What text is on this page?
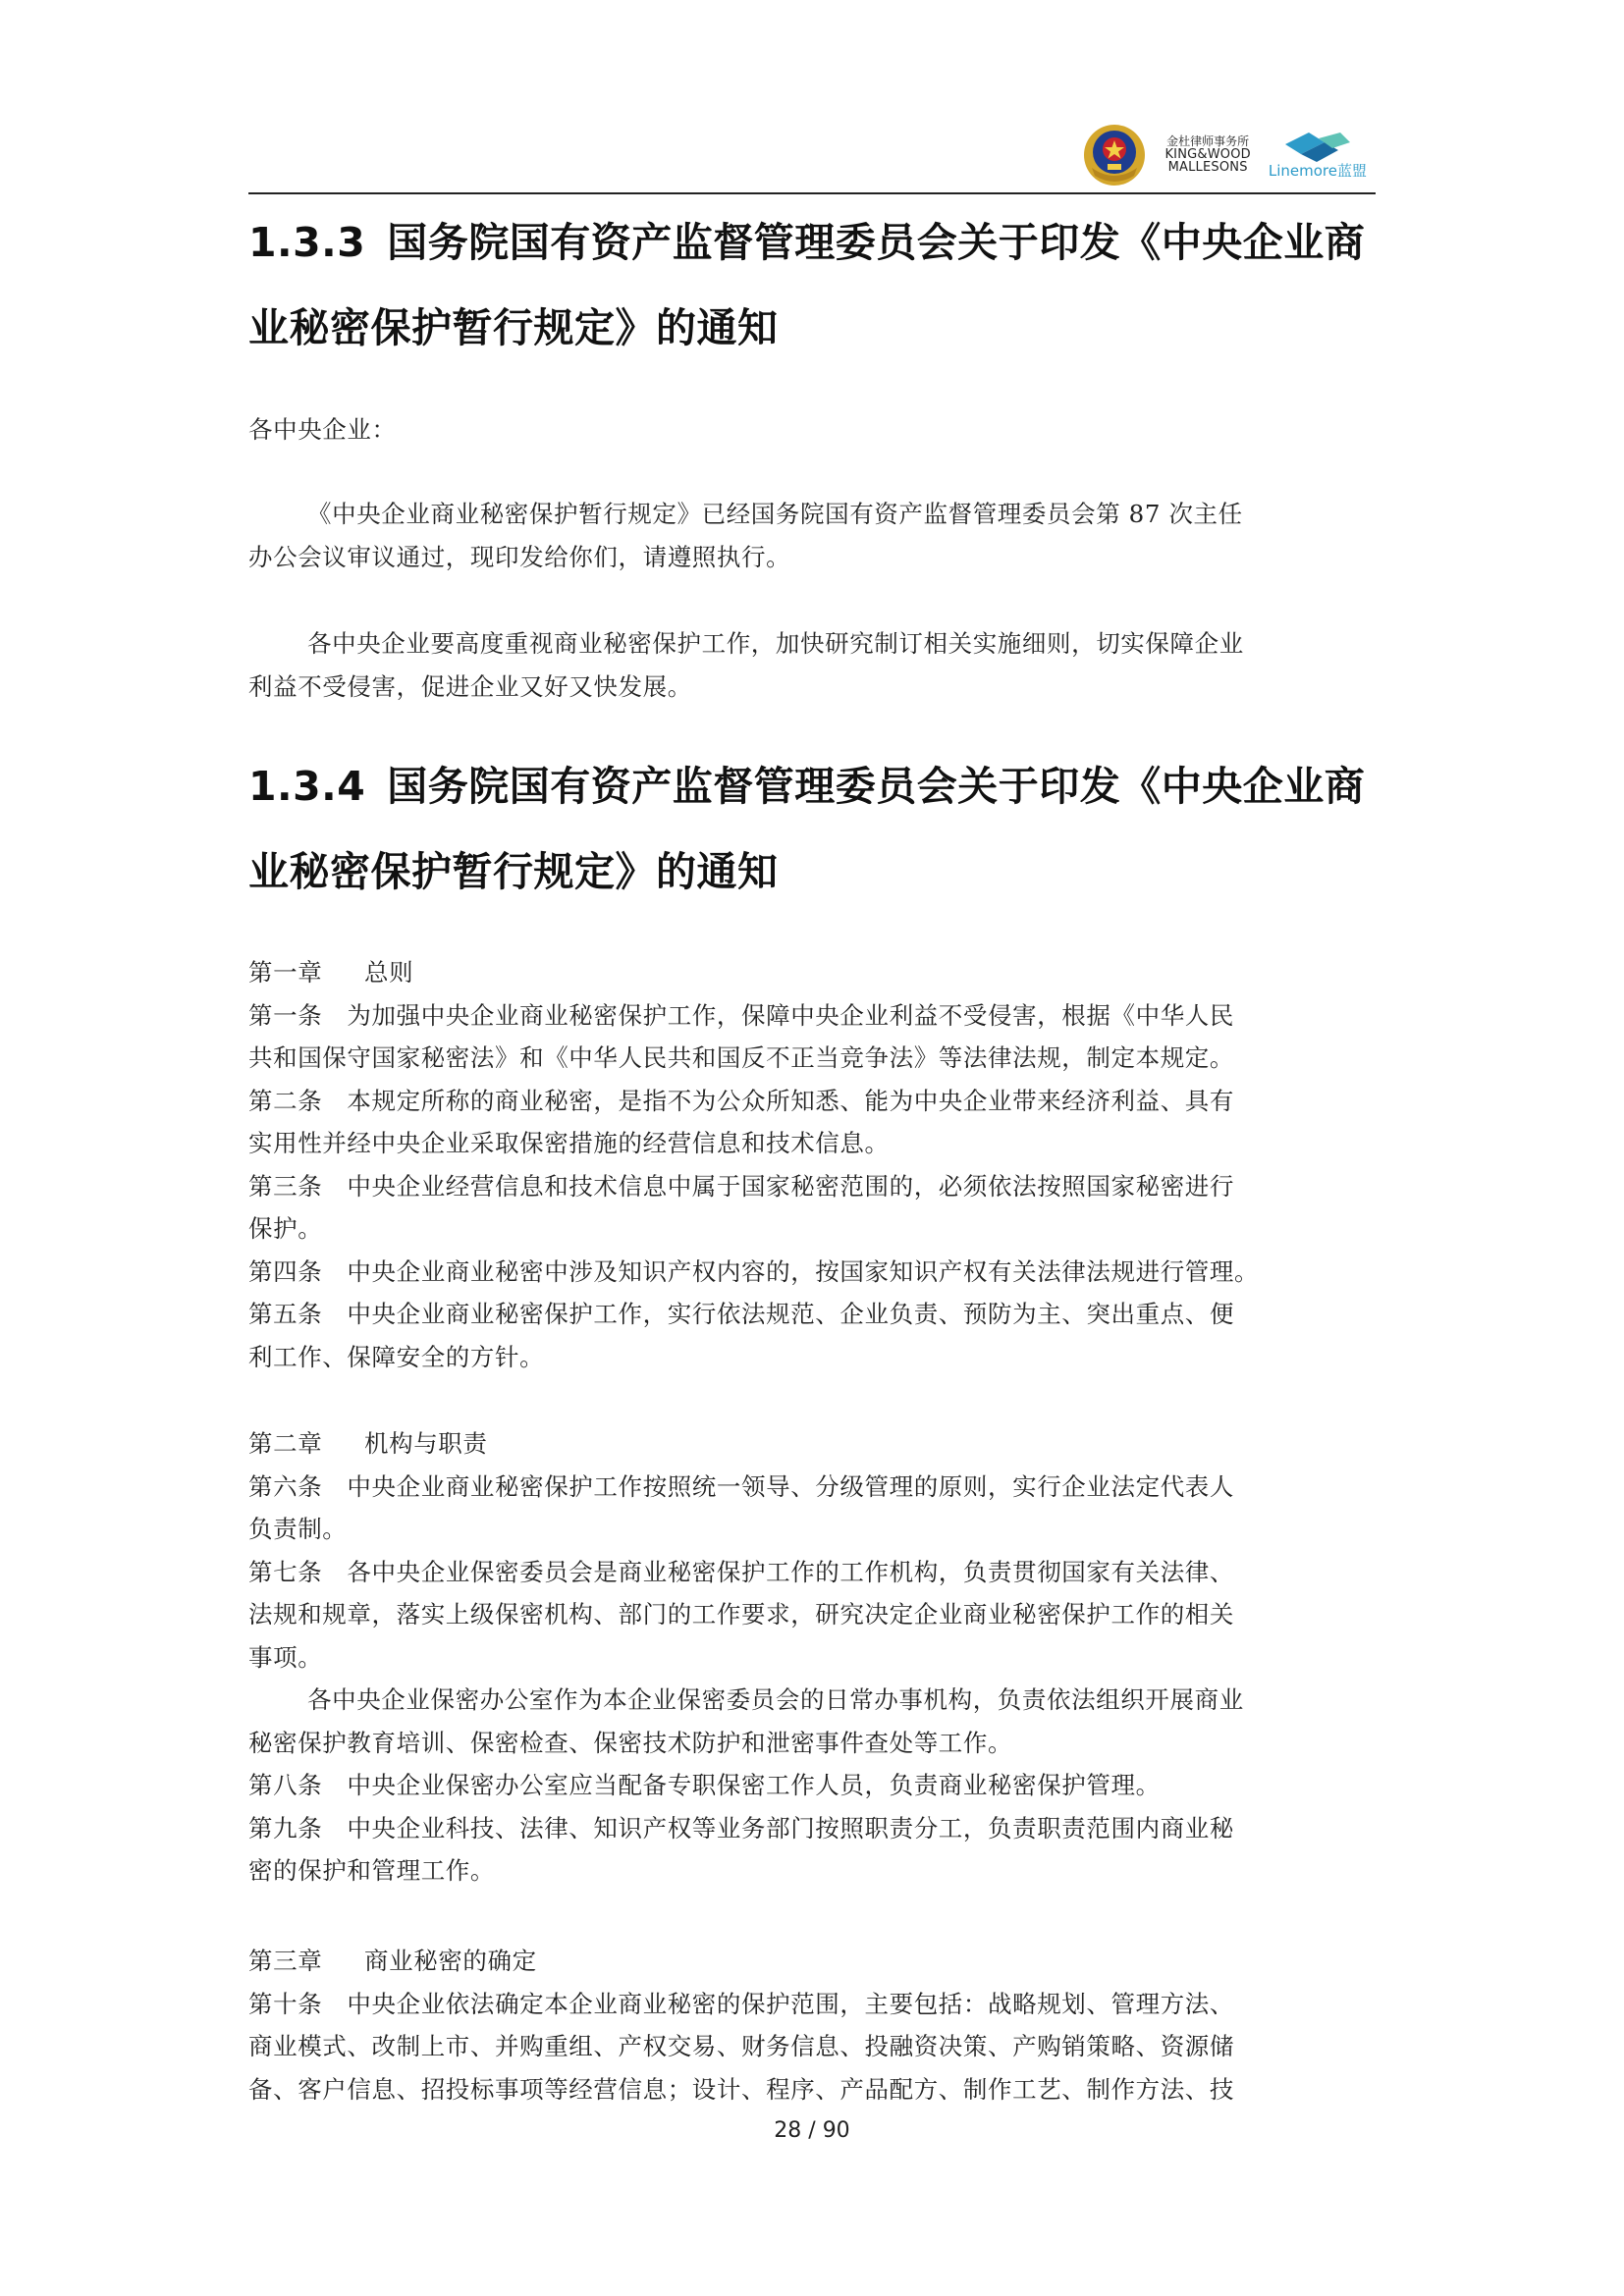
金杜律师事务所
KING&WOOD
MALLESONS Linemore蓝盟
1.3.3 国务院国有资产监督管理委员会关于印发《中央企业商
业秘密保护暂行规定》的通知
各中央企业：
《中央企业商业秘密保护暂行规定》已经国务院国有资产监督管理委员会第 87 次主任
办公会议审议通过，现印发给你们，请遵照执行。
各中央企业要高度重视商业秘密保护工作，加快研究制订相关实施细则，切实保障企业
利益不受侵害，促进企业又好又快发展。
1.3.4 国务院国有资产监督管理委员会关于印发《中央企业商
业秘密保护暂行规定》的通知
第一章 总则
第一条　为加强中央企业商业秘密保护工作，保障中央企业利益不受侵害，根据《中华人民
共和国保守国家秘密法》和《中华人民共和国反不正当竞争法》等法律法规，制定本规定。
第二条　本规定所称的商业秘密，是指不为公众所知悉、能为中央企业带来经济利益、具有
实用性并经中央企业采取保密措施的经营信息和技术信息。
第三条　中央企业经营信息和技术信息中属于国家秘密范围的，必须依法按照国家秘密进行
保护。
第四条　中央企业商业秘密中涉及知识产权内容的，按国家知识产权有关法律法规进行管理。
第五条　中央企业商业秘密保护工作，实行依法规范、企业负责、预防为主、突出重点、便
利工作、保障安全的方针。
第二章 机构与职责
第六条　中央企业商业秘密保护工作按照统一领导、分级管理的原则，实行企业法定代表人
负责制。
第七条　各中央企业保密委员会是商业秘密保护工作的工作机构，负责贯彻国家有关法律、
法规和规章，落实上级保密机构、部门的工作要求，研究决定企业商业秘密保护工作的相关
事项。
各中央企业保密办公室作为本企业保密委员会的日常办事机构，负责依法组织开展商业
秘密保护教育培训、保密检查、保密技术防护和泄密事件查处等工作。
第八条　中央企业保密办公室应当配备专职保密工作人员，负责商业秘密保护管理。
第九条　中央企业科技、法律、知识产权等业务部门按照职责分工，负责职责范围内商业秘
密的保护和管理工作。
第三章 商业秘密的确定
第十条　中央企业依法确定本企业商业秘密的保护范围，主要包括：战略规划、管理方法、
商业模式、改制上市、并购重组、产权交易、财务信息、投融资决策、产购销策略、资源储
备、客户信息、招投标事项等经营信息；设计、程序、产品配方、制作工艺、制作方法、技
28 / 90
